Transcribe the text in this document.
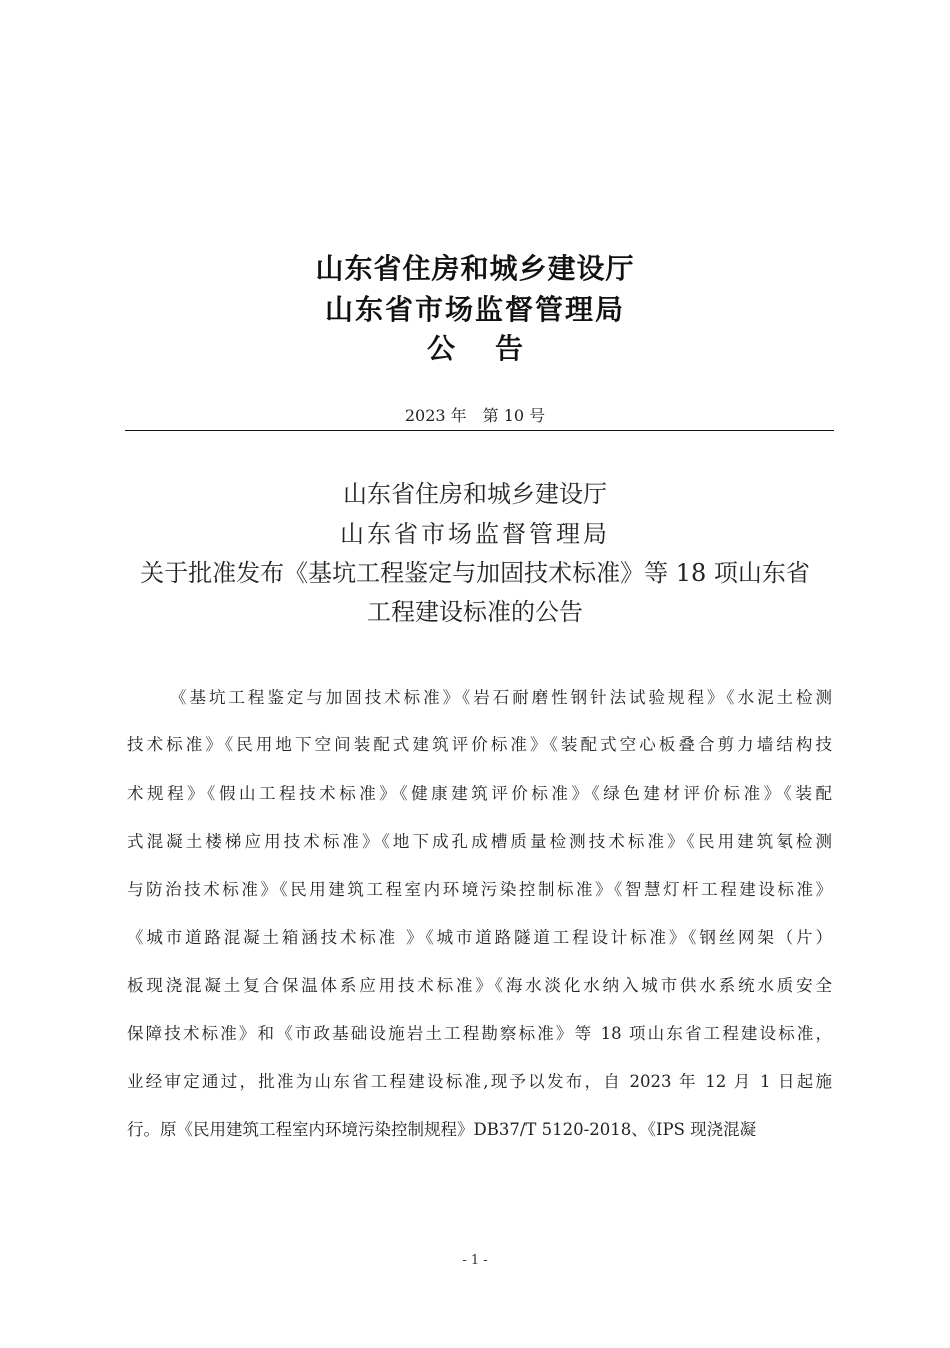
山东省住房和城乡建设厅
山东省市场监督管理局
公告
2023 年　第 10 号
山东省住房和城乡建设厅
山东省市场监督管理局
关于批准发布《基坑工程鉴定与加固技术标准》等 18 项山东省
工程建设标准的公告
《基坑工程鉴定与加固技术标准》《岩石耐磨性钢针法试验规程》《水泥土检测
技术标准》《民用地下空间装配式建筑评价标准》《装配式空心板叠合剪力墙结构技
术规程》《假山工程技术标准》《健康建筑评价标准》《绿色建材评价标准》《装配
式混凝土楼梯应用技术标准》《地下成孔成槽质量检测技术标准》《民用建筑氡检测
与防治技术标准》《民用建筑工程室内环境污染控制标准》《智慧灯杆工程建设标准》
《城市道路混凝土箱涵技术标准 》《城市道路隧道工程设计标准》《钢丝网架（片）
板现浇混凝土复合保温体系应用技术标准》《海水淡化水纳入城市供水系统水质安全
保障技术标准》和《市政基础设施岩土工程勘察标准》等 18 项山东省工程建设标准，
业经审定通过，批准为山东省工程建设标准,现予以发布，自 2023 年 12 月 1 日起施
行。原《民用建筑工程室内环境污染控制规程》DB37/T 5120-2018、《IPS 现浇混凝
- 1 -
